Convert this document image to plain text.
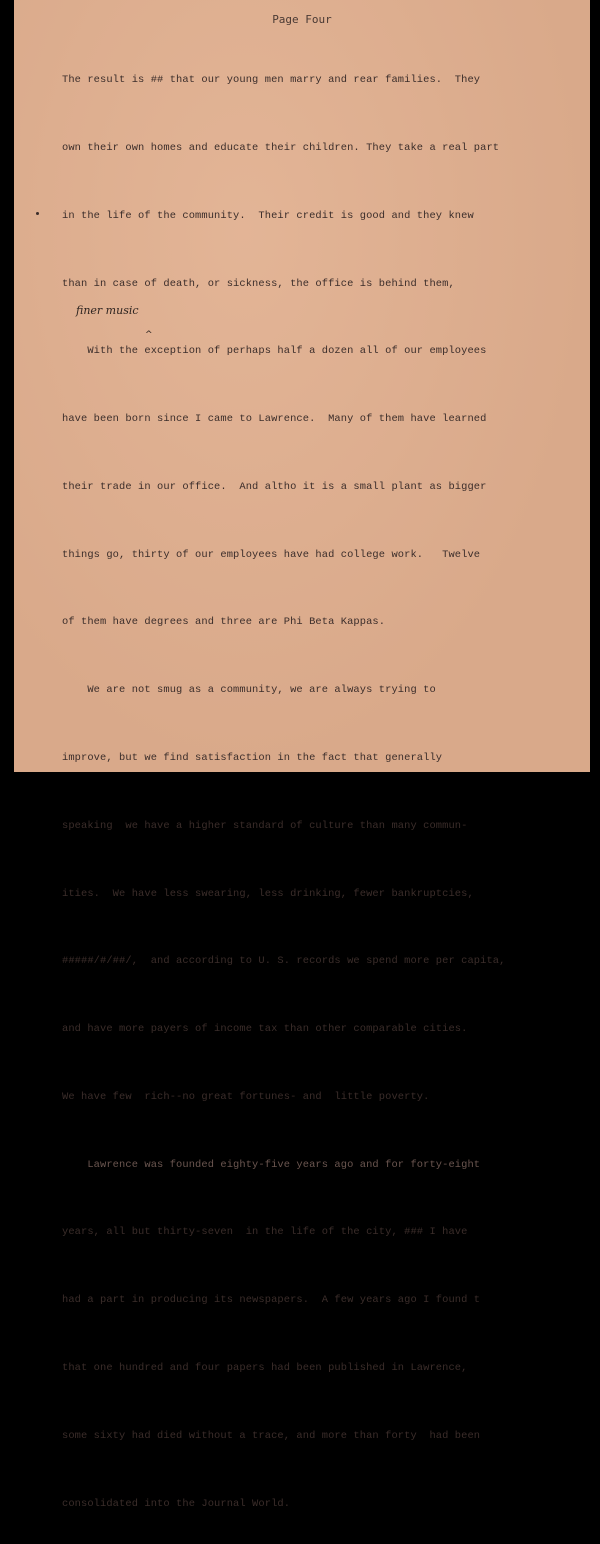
Page Four
finer music
^

The result is ## that our young men marry and rear families.  They

own their own homes and educate their children. They take a real part

in the life of the community.  Their credit is good and they knew

than in case of death, or sickness, the office is behind them,

With the exception of perhaps half a dozen all of our employees

have been born since I came to Lawrence.  Many of them have learned

their trade in our office.  And altho it is a small plant as bigger

things go, thirty of our employees have had college work.   Twelve

of them have degrees and three are Phi Beta Kappas.

We are not smug as a community, we are always trying to

improve, but we find satisfaction in the fact that generally

speaking  we have a higher standard of culture than many commun-

ities.  We have less swearing, less drinking, fewer bankruptcies,

#####/#/##/,  and according to U. S. records we spend more per capita,

and have more payers of income tax than other comparable cities.

We have few  rich--no great fortunes- and  little poverty.

Lawrence was founded eighty-five years ago and for forty-eight

years, all but thirty-seven  in the life of the city, ### I have

had a part in producing its newspapers.  A few years ago I found t

that one hundred and four papers had been published in Lawrence,

some sixty had died without a trace, and more than forty  had been

consolidated into the Journal World.
